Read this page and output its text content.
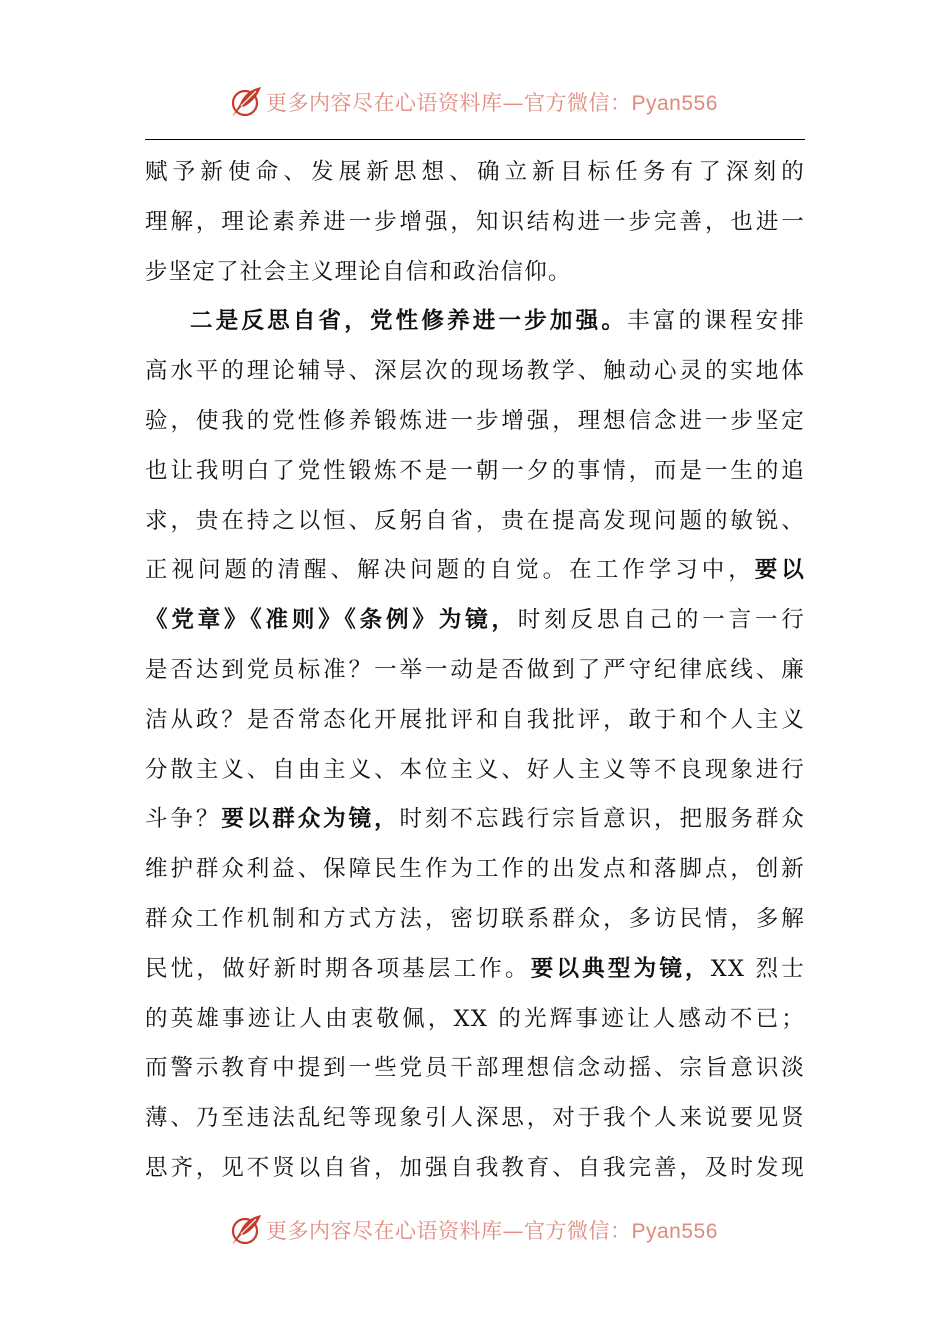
更多内容尽在心语资料库—官方微信：Pyan556

赋予新使命、发展新思想、确立新目标任务有了深刻的

理解，理论素养进一步增强，知识结构进一步完善，也进一

步坚定了社会主义理论自信和政治信仰。

二是反思自省，党性修养进一步加强。丰富的课程安排

高水平的理论辅导、深层次的现场教学、触动心灵的实地体

验，使我的党性修养锻炼进一步增强，理想信念进一步坚定

也让我明白了党性锻炼不是一朝一夕的事情，而是一生的追

求，贵在持之以恒、反躬自省，贵在提高发现问题的敏锐、

正视问题的清醒、解决问题的自觉。在工作学习中，要以

《党章》《准则》《条例》为镜，时刻反思自己的一言一行

是否达到党员标准？一举一动是否做到了严守纪律底线、廉

洁从政？是否常态化开展批评和自我批评，敢于和个人主义

分散主义、自由主义、本位主义、好人主义等不良现象进行

斗争？要以群众为镜，时刻不忘践行宗旨意识，把服务群众

维护群众利益、保障民生作为工作的出发点和落脚点，创新

群众工作机制和方式方法，密切联系群众，多访民情，多解

民忧，做好新时期各项基层工作。要以典型为镜，XX 烈士

的英雄事迹让人由衷敬佩，XX 的光辉事迹让人感动不已；

而警示教育中提到一些党员干部理想信念动摇、宗旨意识淡

薄、乃至违法乱纪等现象引人深思，对于我个人来说要见贤

思齐，见不贤以自省，加强自我教育、自我完善，及时发现

更多内容尽在心语资料库—官方微信：Pyan556
